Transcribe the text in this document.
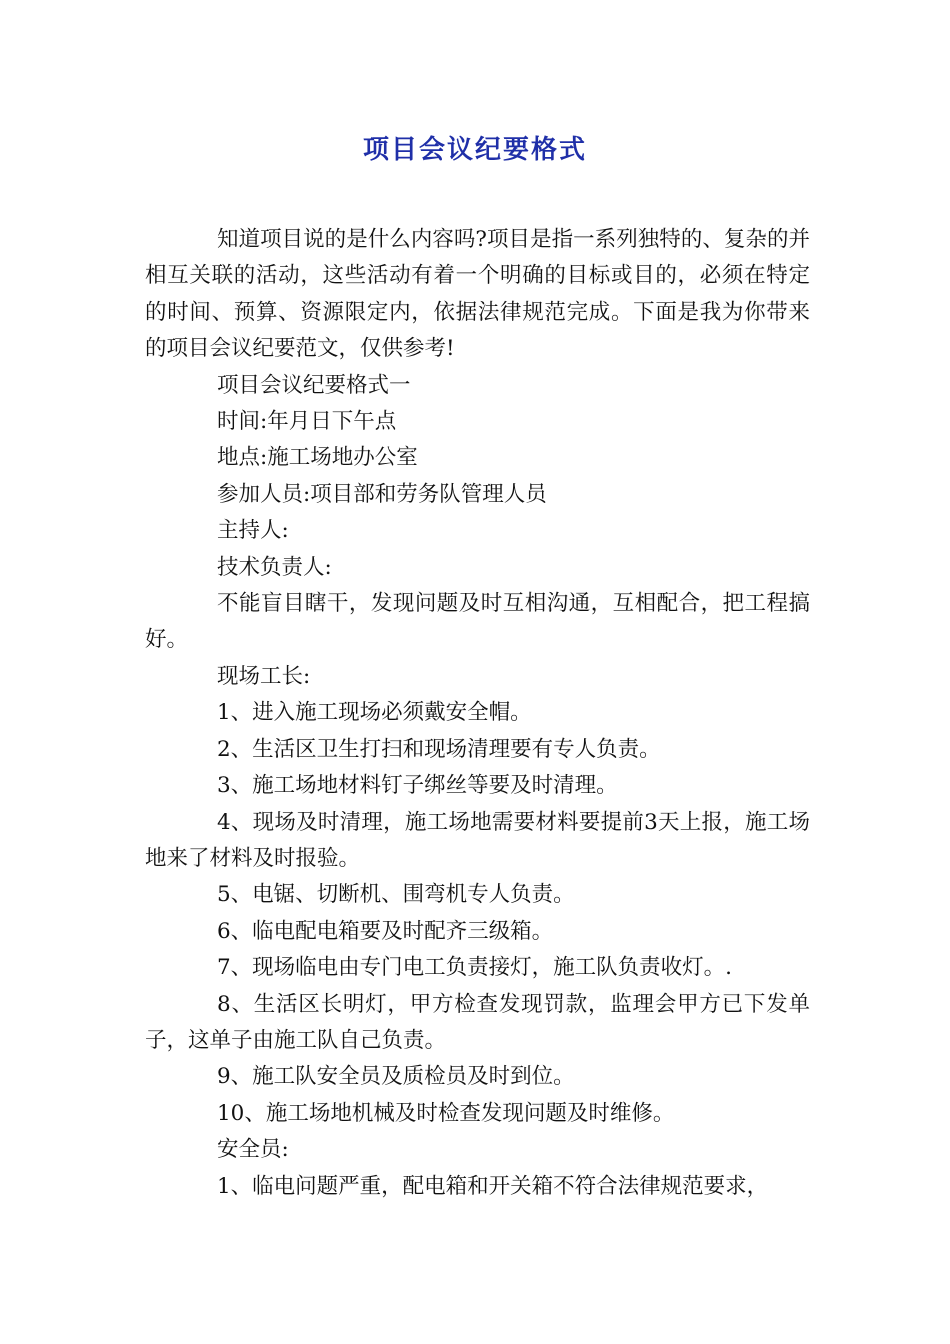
项目会议纪要格式

知道项目说的是什么内容吗?项目是指一系列独特的、复杂的并相互关联的活动，这些活动有着一个明确的目标或目的，必须在特定的时间、预算、资源限定内，依据法律规范完成。下面是我为你带来的项目会议纪要范文，仅供参考!

项目会议纪要格式一

时间:年月日下午点

地点:施工场地办公室

参加人员:项目部和劳务队管理人员

主持人:

技术负责人:

不能盲目瞎干，发现问题及时互相沟通，互相配合，把工程搞好。

现场工长:

1、进入施工现场必须戴安全帽。

2、生活区卫生打扫和现场清理要有专人负责。

3、施工场地材料钉子绑丝等要及时清理。

4、现场及时清理，施工场地需要材料要提前3天上报，施工场地来了材料及时报验。

5、电锯、切断机、围弯机专人负责。

6、临电配电箱要及时配齐三级箱。

7、现场临电由专门电工负责接灯，施工队负责收灯。.

8、生活区长明灯，甲方检查发现罚款，监理会甲方已下发单子，这单子由施工队自己负责。

9、施工队安全员及质检员及时到位。

10、施工场地机械及时检查发现问题及时维修。

安全员:

1、临电问题严重，配电箱和开关箱不符合法律规范要求，
